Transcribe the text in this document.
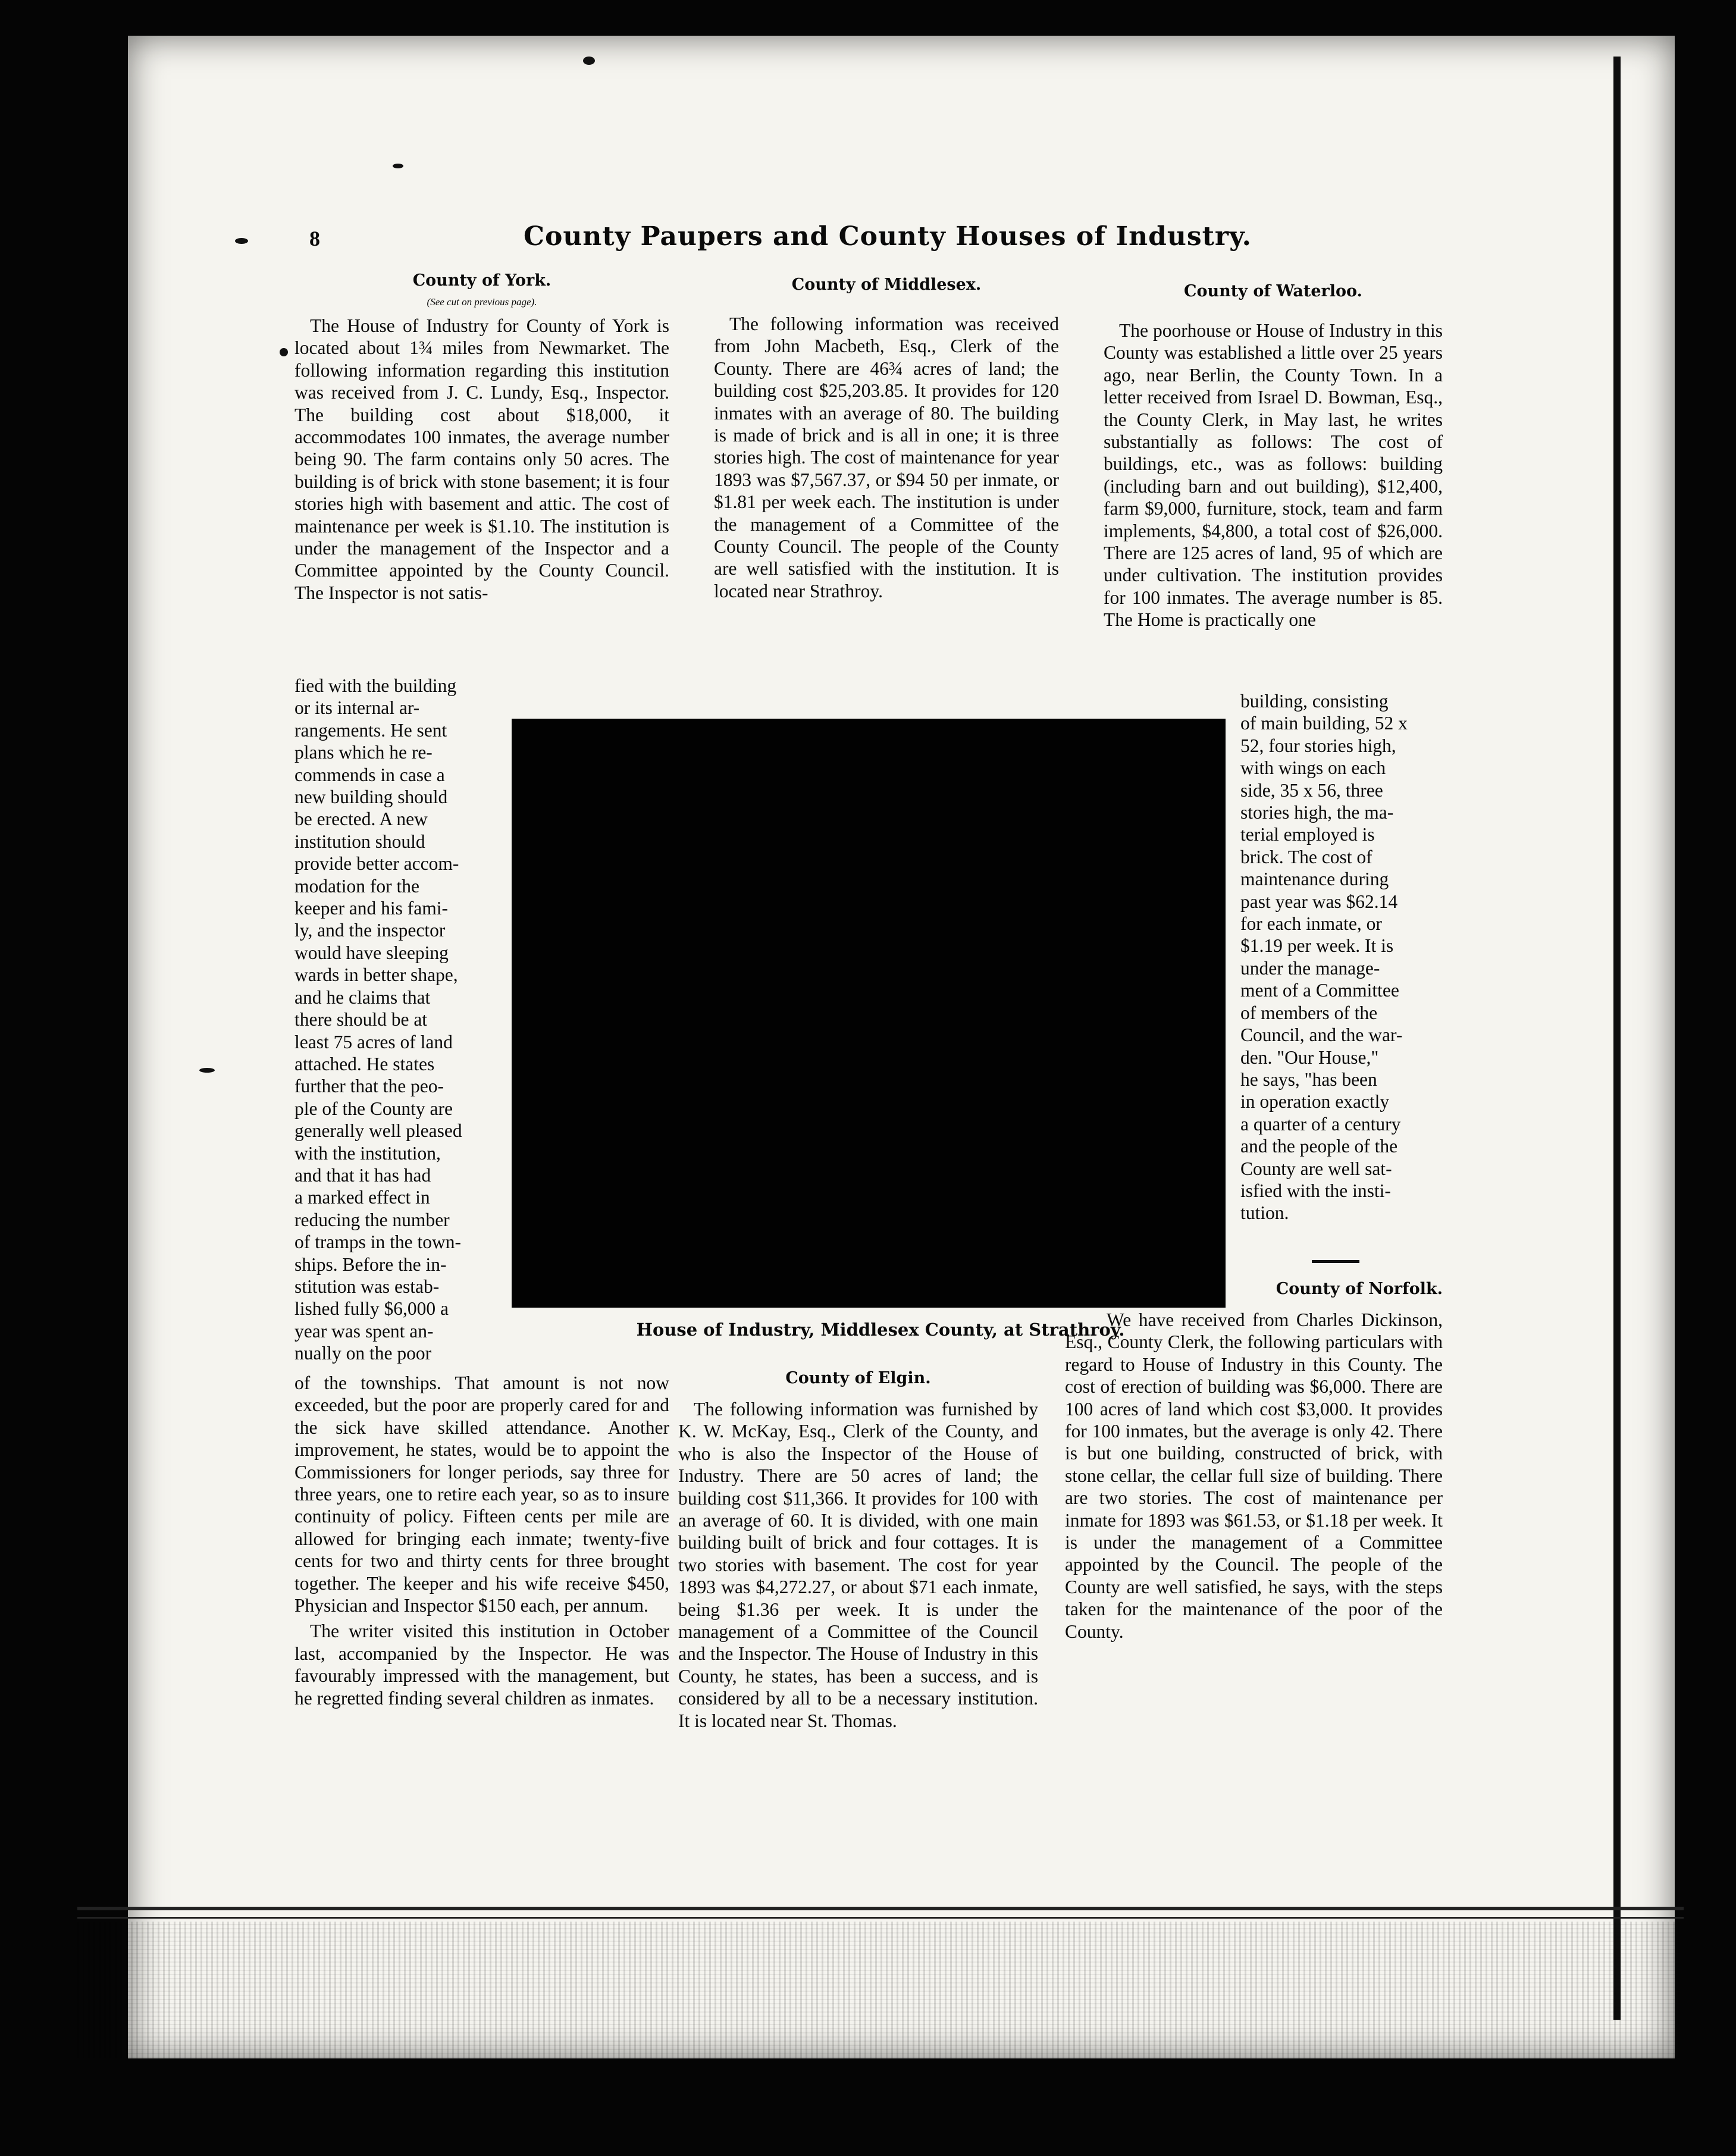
8	County Paupers and County Houses of Industry.
County of York.
(See cut on previous page).

The House of Industry for County of York is located about 1¾ miles from Newmarket. The following information regarding this institution was received from J. C. Lundy, Esq., Inspector. The building cost about $18,000, it accommodates 100 inmates, the average number being 90. The farm contains only 50 acres. The building is of brick with stone basement; it is four stories high with basement and attic. The cost of maintenance per week is $1.10. The institution is under the management of the Inspector and a Committee appointed by the County Council. The Inspector is not satis-

fied with the building
or its internal ar-
rangements. He sent
plans which he re-
commends in case a
new building should
be erected. A new
institution should
provide better accom-
modation for the
keeper and his fami-
ly, and the inspector
would have sleeping
wards in better shape,
and he claims that
there should be at
least 75 acres of land
attached. He states
further that the peo-
ple of the County are
generally well pleased
with the institution,
and that it has had
a marked effect in
reducing the number
of tramps in the town-
ships. Before the in-
stitution was estab-
lished fully $6,000 a
year was spent an-
nually on the poor

of the townships. That amount is not now exceeded, but the poor are properly cared for and the sick have skilled attendance. Another improvement, he states, would be to appoint the Commissioners for longer periods, say three for three years, one to retire each year, so as to insure continuity of policy. Fifteen cents per mile are allowed for bringing each inmate; twenty-five cents for two and thirty cents for three brought together. The keeper and his wife receive $450, Physician and Inspector $150 each, per annum.

The writer visited this institution in October last, accompanied by the Inspector. He was favourably impressed with the management, but he regretted finding several children as inmates.

County of Middlesex.

The following information was received from John Macbeth, Esq., Clerk of the County. There are 46¾ acres of land; the building cost $25,203.85. It provides for 120 inmates with an average of 80. The building is made of brick and is all in one; it is three stories high. The cost of maintenance for year 1893 was $7,567.37, or $94 50 per inmate, or $1.81 per week each. The institution is under the management of a Committee of the County Council. The people of the County are well satisfied with the institution. It is located near Strathroy.

County of Waterloo.

The poorhouse or House of Industry in this County was established a little over 25 years ago, near Berlin, the County Town. In a letter received from Israel D. Bowman, Esq., the County Clerk, in May last, he writes substantially as follows: The cost of buildings, etc., was as follows: building (including barn and out building), $12,400, farm $9,000, furniture, stock, team and farm implements, $4,800, a total cost of $26,000. There are 125 acres of land, 95 of which are under cultivation. The institution provides for 100 inmates. The average number is 85. The Home is practically one

building, consisting
of main building, 52 x
52, four stories high,
with wings on each
side, 35 x 56, three
stories high, the ma-
terial employed is
brick. The cost of
maintenance during
past year was $62.14
for each inmate, or
$1.19 per week. It is
under the manage-
ment of a Committee
of members of the
Council, and the war-
den. "Our House,"
he says, "has been
in operation exactly
a quarter of a century
and the people of the
County are well sat-
isfied with the insti-
tution.
House of Industry, Middlesex County, at Strathroy.
County of Elgin.

The following information was furnished by K. W. McKay, Esq., Clerk of the County, and who is also the Inspector of the House of Industry. There are 50 acres of land; the building cost $11,366. It provides for 100 with an average of 60. It is divided, with one main building built of brick and four cottages. It is two stories with basement. The cost for year 1893 was $4,272.27, or about $71 each inmate, being $1.36 per week. It is under the management of a Committee of the Council and the Inspector. The House of Industry in this County, he states, has been a success, and is considered by all to be a necessary institution. It is located near St. Thomas.

County of Norfolk.

We have received from Charles Dickinson, Esq., County Clerk, the following particulars with regard to House of Industry in this County. The cost of erection of building was $6,000. There are 100 acres of land which cost $3,000. It provides for 100 inmates, but the average is only 42. There is but one building, constructed of brick, with stone cellar, the cellar full size of building. There are two stories. The cost of maintenance per inmate for 1893 was $61.53, or $1.18 per week. It is under the management of a Committee appointed by the Council. The people of the County are well satisfied, he says, with the steps taken for the maintenance of the poor of the County.
